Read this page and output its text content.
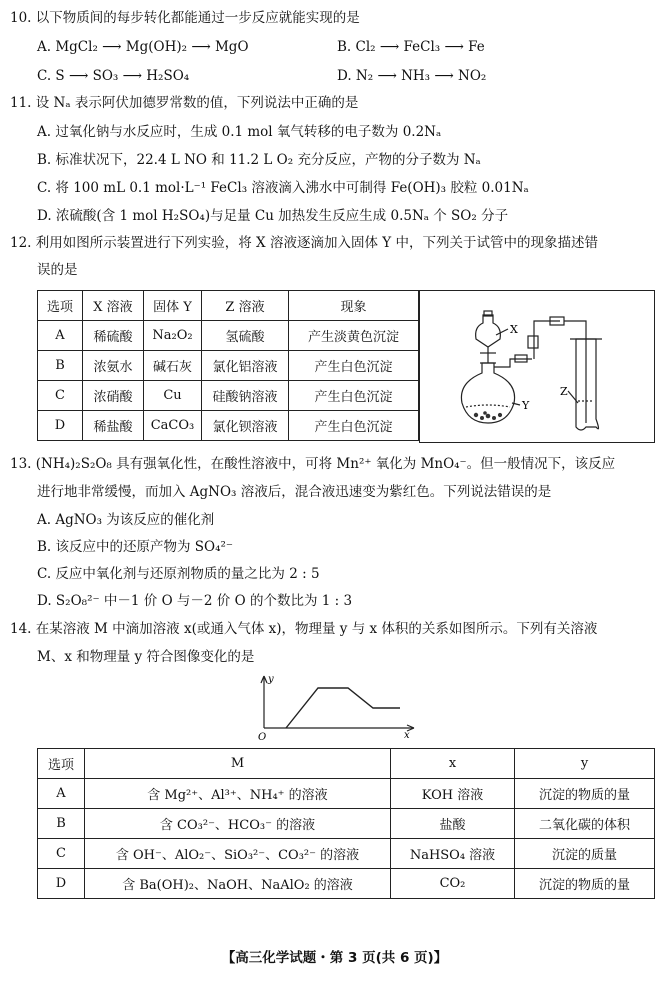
10. 以下物质间的每步转化都能通过一步反应就能实现的是
A. MgCl₂ ⟶ Mg(OH)₂ ⟶ MgO	B. Cl₂ ⟶ FeCl₃ ⟶ Fe
C. S ⟶ SO₃ ⟶ H₂SO₄	D. N₂ ⟶ NH₃ ⟶ NO₂
11. 设 Nₐ 表示阿伏加德罗常数的值，下列说法中正确的是
A. 过氧化钠与水反应时，生成 0.1 mol 氧气转移的电子数为 0.2Nₐ
B. 标准状况下，22.4 L NO 和 11.2 L O₂ 充分反应，产物的分子数为 Nₐ
C. 将 100 mL 0.1 mol·L⁻¹ FeCl₃ 溶液滴入沸水中可制得 Fe(OH)₃ 胶粒 0.01Nₐ
D. 浓硫酸(含 1 mol H₂SO₄)与足量 Cu 加热发生反应生成 0.5Nₐ 个 SO₂ 分子
12. 利用如图所示装置进行下列实验，将 X 溶液逐滴加入固体 Y 中，下列关于试管中的现象描述错
误的是
选项	X 溶液	固体 Y	Z 溶液	现象
A	稀硫酸	Na₂O₂	氢硫酸	产生淡黄色沉淀
B	浓氨水	碱石灰	氯化铝溶液	产生白色沉淀
C	浓硝酸	Cu	硅酸钠溶液	产生白色沉淀
D	稀盐酸	CaCO₃	氯化钡溶液	产生白色沉淀
X
Y
Z
13. (NH₄)₂S₂O₈ 具有强氧化性，在酸性溶液中，可将 Mn²⁺ 氧化为 MnO₄⁻。但一般情况下，该反应
进行地非常缓慢，而加入 AgNO₃ 溶液后，混合液迅速变为紫红色。下列说法错误的是
A. AgNO₃ 为该反应的催化剂
B. 该反应中的还原产物为 SO₄²⁻
C. 反应中氧化剂与还原剂物质的量之比为 2 : 5
D. S₂O₈²⁻ 中－1 价 O 与－2 价 O 的个数比为 1 : 3
14. 在某溶液 M 中滴加溶液 x(或通入气体 x)，物理量 y 与 x 体积的关系如图所示。下列有关溶液
M、x 和物理量 y 符合图像变化的是
y
x
O
选项	M	x	y
A	含 Mg²⁺、Al³⁺、NH₄⁺ 的溶液	KOH 溶液	沉淀的物质的量
B	含 CO₃²⁻、HCO₃⁻ 的溶液	盐酸	二氧化碳的体积
C	含 OH⁻、AlO₂⁻、SiO₃²⁻、CO₃²⁻ 的溶液	NaHSO₄ 溶液	沉淀的质量
D	含 Ba(OH)₂、NaOH、NaAlO₂ 的溶液	CO₂	沉淀的物质的量
【高三化学试题・第 3 页(共 6 页)】
